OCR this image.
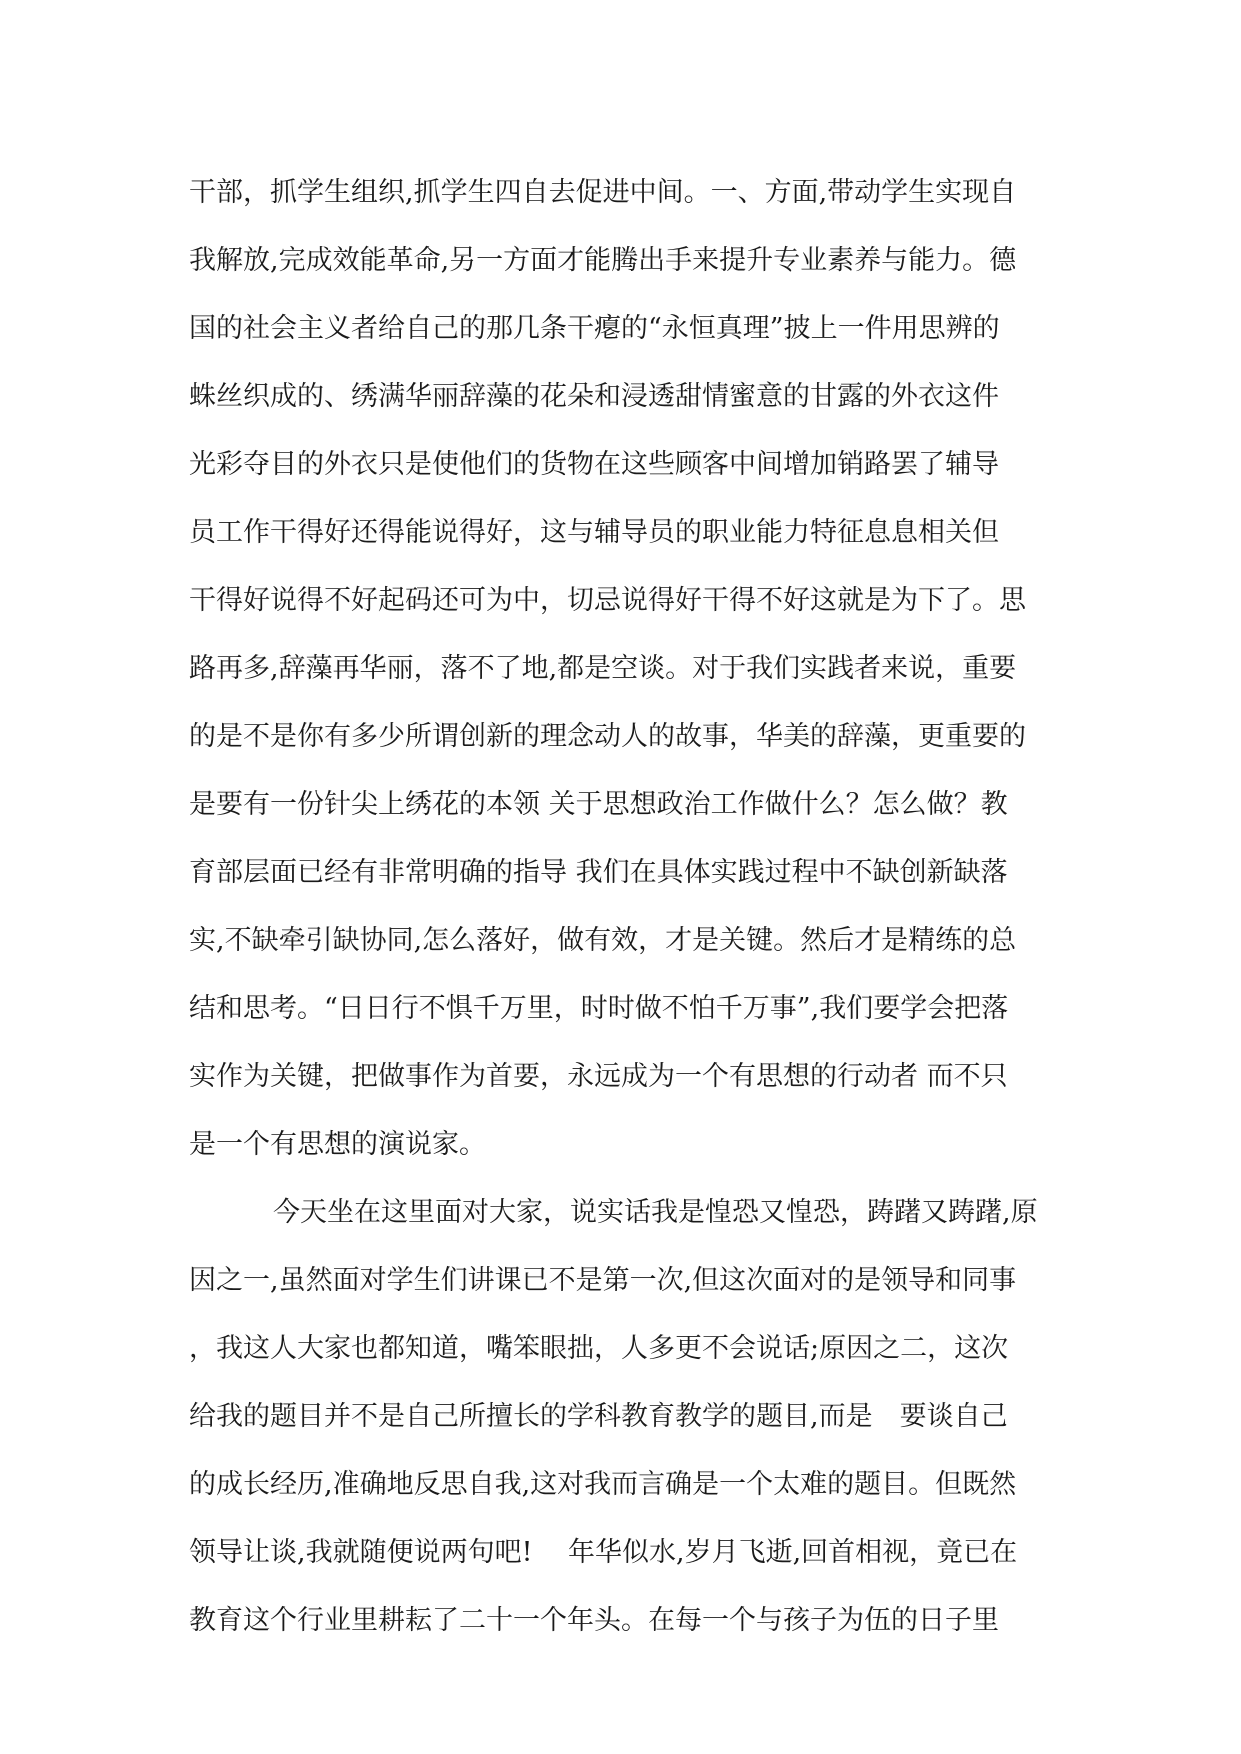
干部，抓学生组织,抓学生四自去促进中间。一、方面,带动学生实现自
我解放,完成效能革命,另一方面才能腾出手来提升专业素养与能力。德
国的社会主义者给自己的那几条干瘪的“永恒真理”披上一件用思辨的
蛛丝织成的、绣满华丽辞藻的花朵和浸透甜情蜜意的甘露的外衣这件
光彩夺目的外衣只是使他们的货物在这些顾客中间增加销路罢了辅导
员工作干得好还得能说得好，这与辅导员的职业能力特征息息相关但
干得好说得不好起码还可为中，切忌说得好干得不好这就是为下了。思
路再多,辞藻再华丽，落不了地,都是空谈。对于我们实践者来说，重要
的是不是你有多少所谓创新的理念动人的故事，华美的辞藻，更重要的
是要有一份针尖上绣花的本领 关于思想政治工作做什么？怎么做？教
育部层面已经有非常明确的指导 我们在具体实践过程中不缺创新缺落
实,不缺牵引缺协同,怎么落好，做有效，才是关键。然后才是精练的总
结和思考。“日日行不惧千万里，时时做不怕千万事”,我们要学会把落
实作为关键，把做事作为首要，永远成为一个有思想的行动者 而不只
是一个有思想的演说家。
今天坐在这里面对大家，说实话我是惶恐又惶恐，踌躇又踌躇,原
因之一,虽然面对学生们讲课已不是第一次,但这次面对的是领导和同事
，我这人大家也都知道，嘴笨眼拙，人多更不会说话;原因之二，这次
给我的题目并不是自己所擅长的学科教育教学的题目,而是　要谈自己
的成长经历,准确地反思自我,这对我而言确是一个太难的题目。但既然
领导让谈,我就随便说两句吧!　 年华似水,岁月飞逝,回首相视，竟已在
教育这个行业里耕耘了二十一个年头。在每一个与孩子为伍的日子里
